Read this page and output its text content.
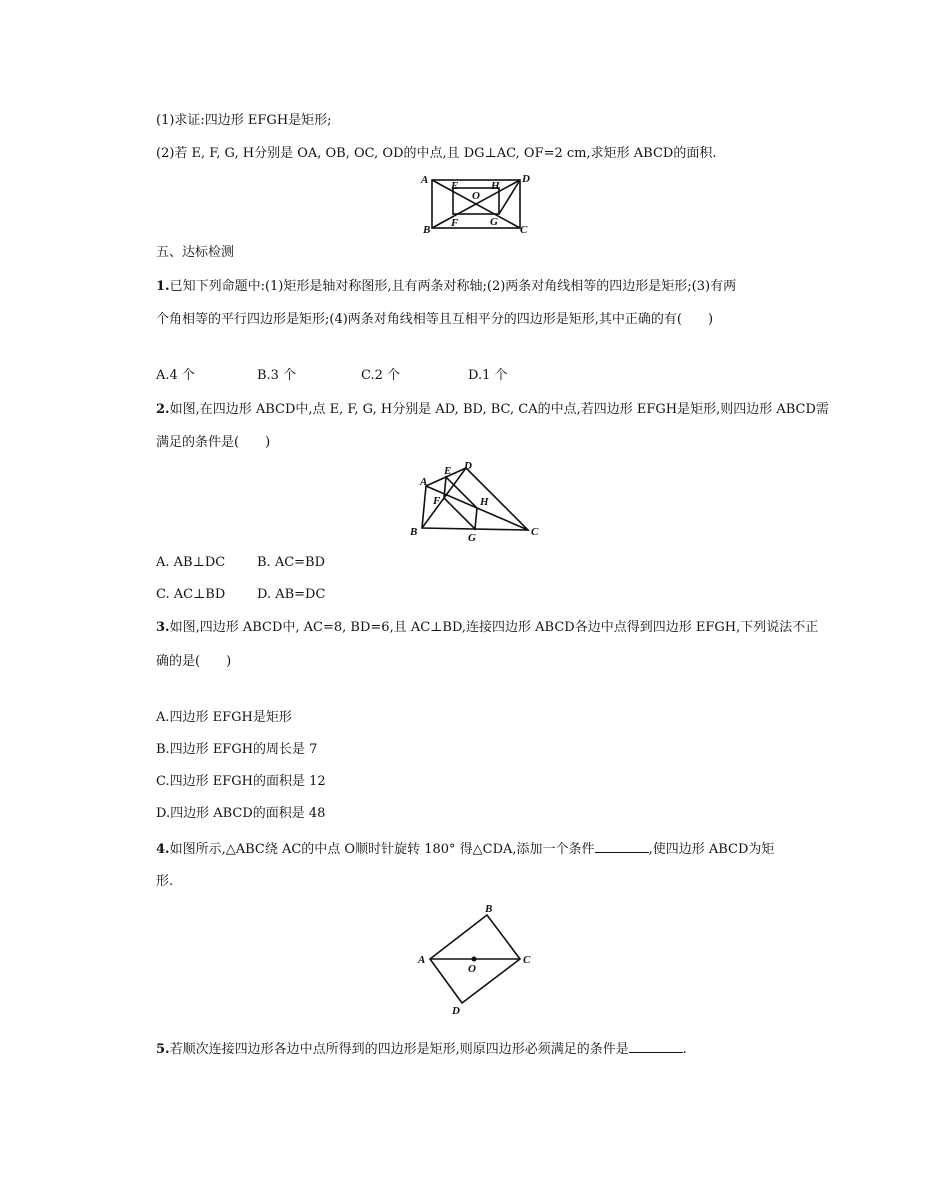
(1)求证:四边形 EFGH是矩形;
(2)若 E, F, G, H分别是 OA, OB, OC, OD的中点,且 DG⊥AC, OF=2 cm,求矩形 ABCD的面积.
A E
O
H
D
B
F	G
C
五、达标检测
1.已知下列命题中:(1)矩形是轴对称图形,且有两条对称轴;(2)两条对角线相等的四边形是矩形;(3)有两
个角相等的平行四边形是矩形;(4)两条对角线相等且互相平分的四边形是矩形,其中正确的有(　　)
A.4 个	B.3 个	C.2 个	D.1 个
2.如图,在四边形 ABCD中,点 E, F, G, H分别是 AD, BD, BC, CA的中点,若四边形 EFGH是矩形,则四边形 ABCD需
满足的条件是(　　)
A
E D
F	H
B	G	C
A. AB⊥DC B. AC=BD
C. AC⊥BD D. AB=DC
3.如图,四边形 ABCD中, AC=8, BD=6,且 AC⊥BD,连接四边形 ABCD各边中点得到四边形 EFGH,下列说法不正
确的是(　　)
A.四边形 EFGH是矩形
B.四边形 EFGH的周长是 7
C.四边形 EFGH的面积是 12
D.四边形 ABCD的面积是 48
4.如图所示,△ABC绕 AC的中点 O顺时针旋转 180° 得△CDA,添加一个条件	,使四边形 ABCD为矩
形.
B
A
O
C
D
5.若顺次连接四边形各边中点所得到的四边形是矩形,则原四边形必须满足的条件是	.
